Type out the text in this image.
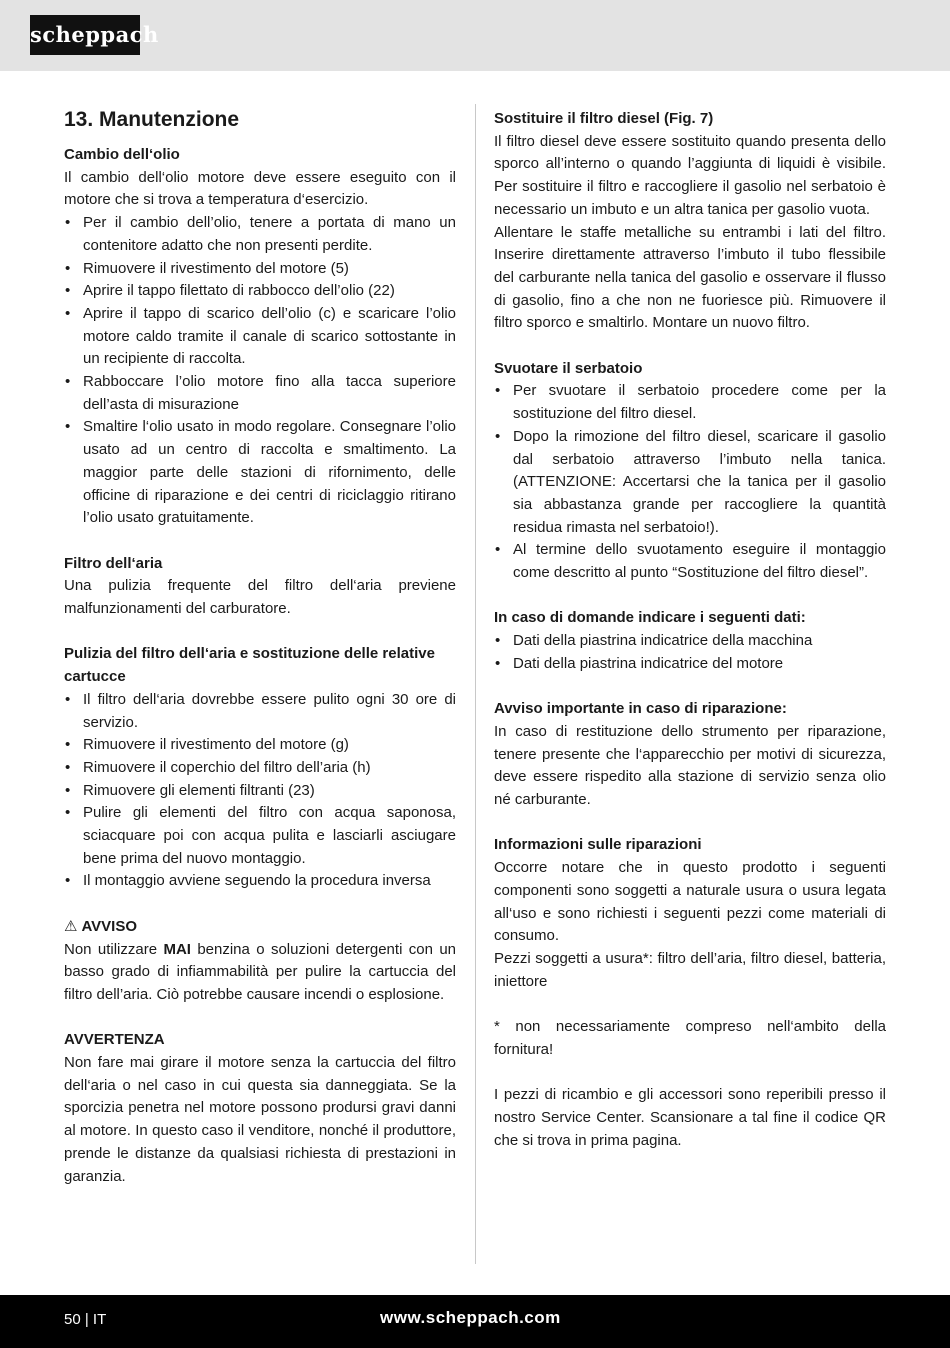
scheppach
13. Manutenzione
Cambio dell‘olio

Il cambio dell‘olio motore deve essere eseguito con il motore che si trova a temperatura d‘esercizio.

• Per il cambio dell’olio, tenere a portata di mano un contenitore adatto che non presenti perdite.
• Rimuovere il rivestimento del motore (5)
• Aprire il tappo filettato di rabbocco dell’olio (22)
• Aprire il tappo di scarico dell’olio (c) e scaricare l’olio motore caldo tramite il canale di scarico sottostante in un recipiente di raccolta.
• Rabboccare l’olio motore fino alla tacca superiore dell’asta di misurazione
• Smaltire l‘olio usato in modo regolare. Consegnare l’olio usato ad un centro di raccolta e smaltimento. La maggior parte delle stazioni di rifornimento, delle officine di riparazione e dei centri di riciclaggio ritirano l’olio usato gratuitamente.
Filtro dell‘aria

Una pulizia frequente del filtro dell‘aria previene malfunzionamenti del carburatore.

Pulizia del filtro dell‘aria e sostituzione delle relative cartucce
• Il filtro dell‘aria dovrebbe essere pulito ogni 30 ore di servizio.
• Rimuovere il rivestimento del motore (g)
• Rimuovere il coperchio del filtro dell’aria (h)
• Rimuovere gli elementi filtranti (23)
• Pulire gli elementi del filtro con acqua saponosa, sciacquare poi con acqua pulita e lasciarli asciugare bene prima del nuovo montaggio.
• Il montaggio avviene seguendo la procedura inversa
⚠ AVVISO

Non utilizzare MAI benzina o soluzioni detergenti con un basso grado di infiammabilità per pulire la cartuccia del filtro dell’aria. Ciò potrebbe causare incendi o esplosione.

AVVERTENZA

Non fare mai girare il motore senza la cartuccia del filtro dell‘aria o nel caso in cui questa sia danneggiata. Se la sporcizia penetra nel motore possono prodursi gravi danni al motore. In questo caso il venditore, nonché il produttore, prende le distanze da qualsiasi richiesta di prestazioni in garanzia.

Sostituire il filtro diesel (Fig. 7)

Il filtro diesel deve essere sostituito quando presenta dello sporco all’interno o quando l’aggiunta di liquidi è visibile. Per sostituire il filtro e raccogliere il gasolio nel serbatoio è necessario un imbuto e un altra tanica per gasolio vuota.

Allentare le staffe metalliche su entrambi i lati del filtro. Inserire direttamente attraverso l’imbuto il tubo flessibile del carburante nella tanica del gasolio e osservare il flusso di gasolio, fino a che non ne fuoriesce più. Rimuovere il filtro sporco e smaltirlo. Montare un nuovo filtro.

Svuotare il serbatoio
• Per svuotare il serbatoio procedere come per la sostituzione del filtro diesel.
• Dopo la rimozione del filtro diesel, scaricare il gasolio dal serbatoio attraverso l’imbuto nella tanica. (ATTENZIONE: Accertarsi che la tanica per il gasolio sia abbastanza grande per raccogliere la quantità residua rimasta nel serbatoio!).
• Al termine dello svuotamento eseguire il montaggio come descritto al punto “Sostituzione del filtro diesel”.
In caso di domande indicare i seguenti dati:
• Dati della piastrina indicatrice della macchina
• Dati della piastrina indicatrice del motore
Avviso importante in caso di riparazione:

In caso di restituzione dello strumento per riparazione, tenere presente che l‘apparecchio per motivi di sicurezza, deve essere rispedito alla stazione di servizio senza olio né carburante.

Informazioni sulle riparazioni

Occorre notare che in questo prodotto i seguenti componenti sono soggetti a naturale usura o usura legata all‘uso e sono richiesti i seguenti pezzi come materiali di consumo.

Pezzi soggetti a usura*: filtro dell’aria, filtro diesel, batteria, iniettore

* non necessariamente compreso nell‘ambito della fornitura!

I pezzi di ricambio e gli accessori sono reperibili presso il nostro Service Center. Scansionare a tal fine il codice QR che si trova in prima pagina.

50 | IT	www.scheppach.com
